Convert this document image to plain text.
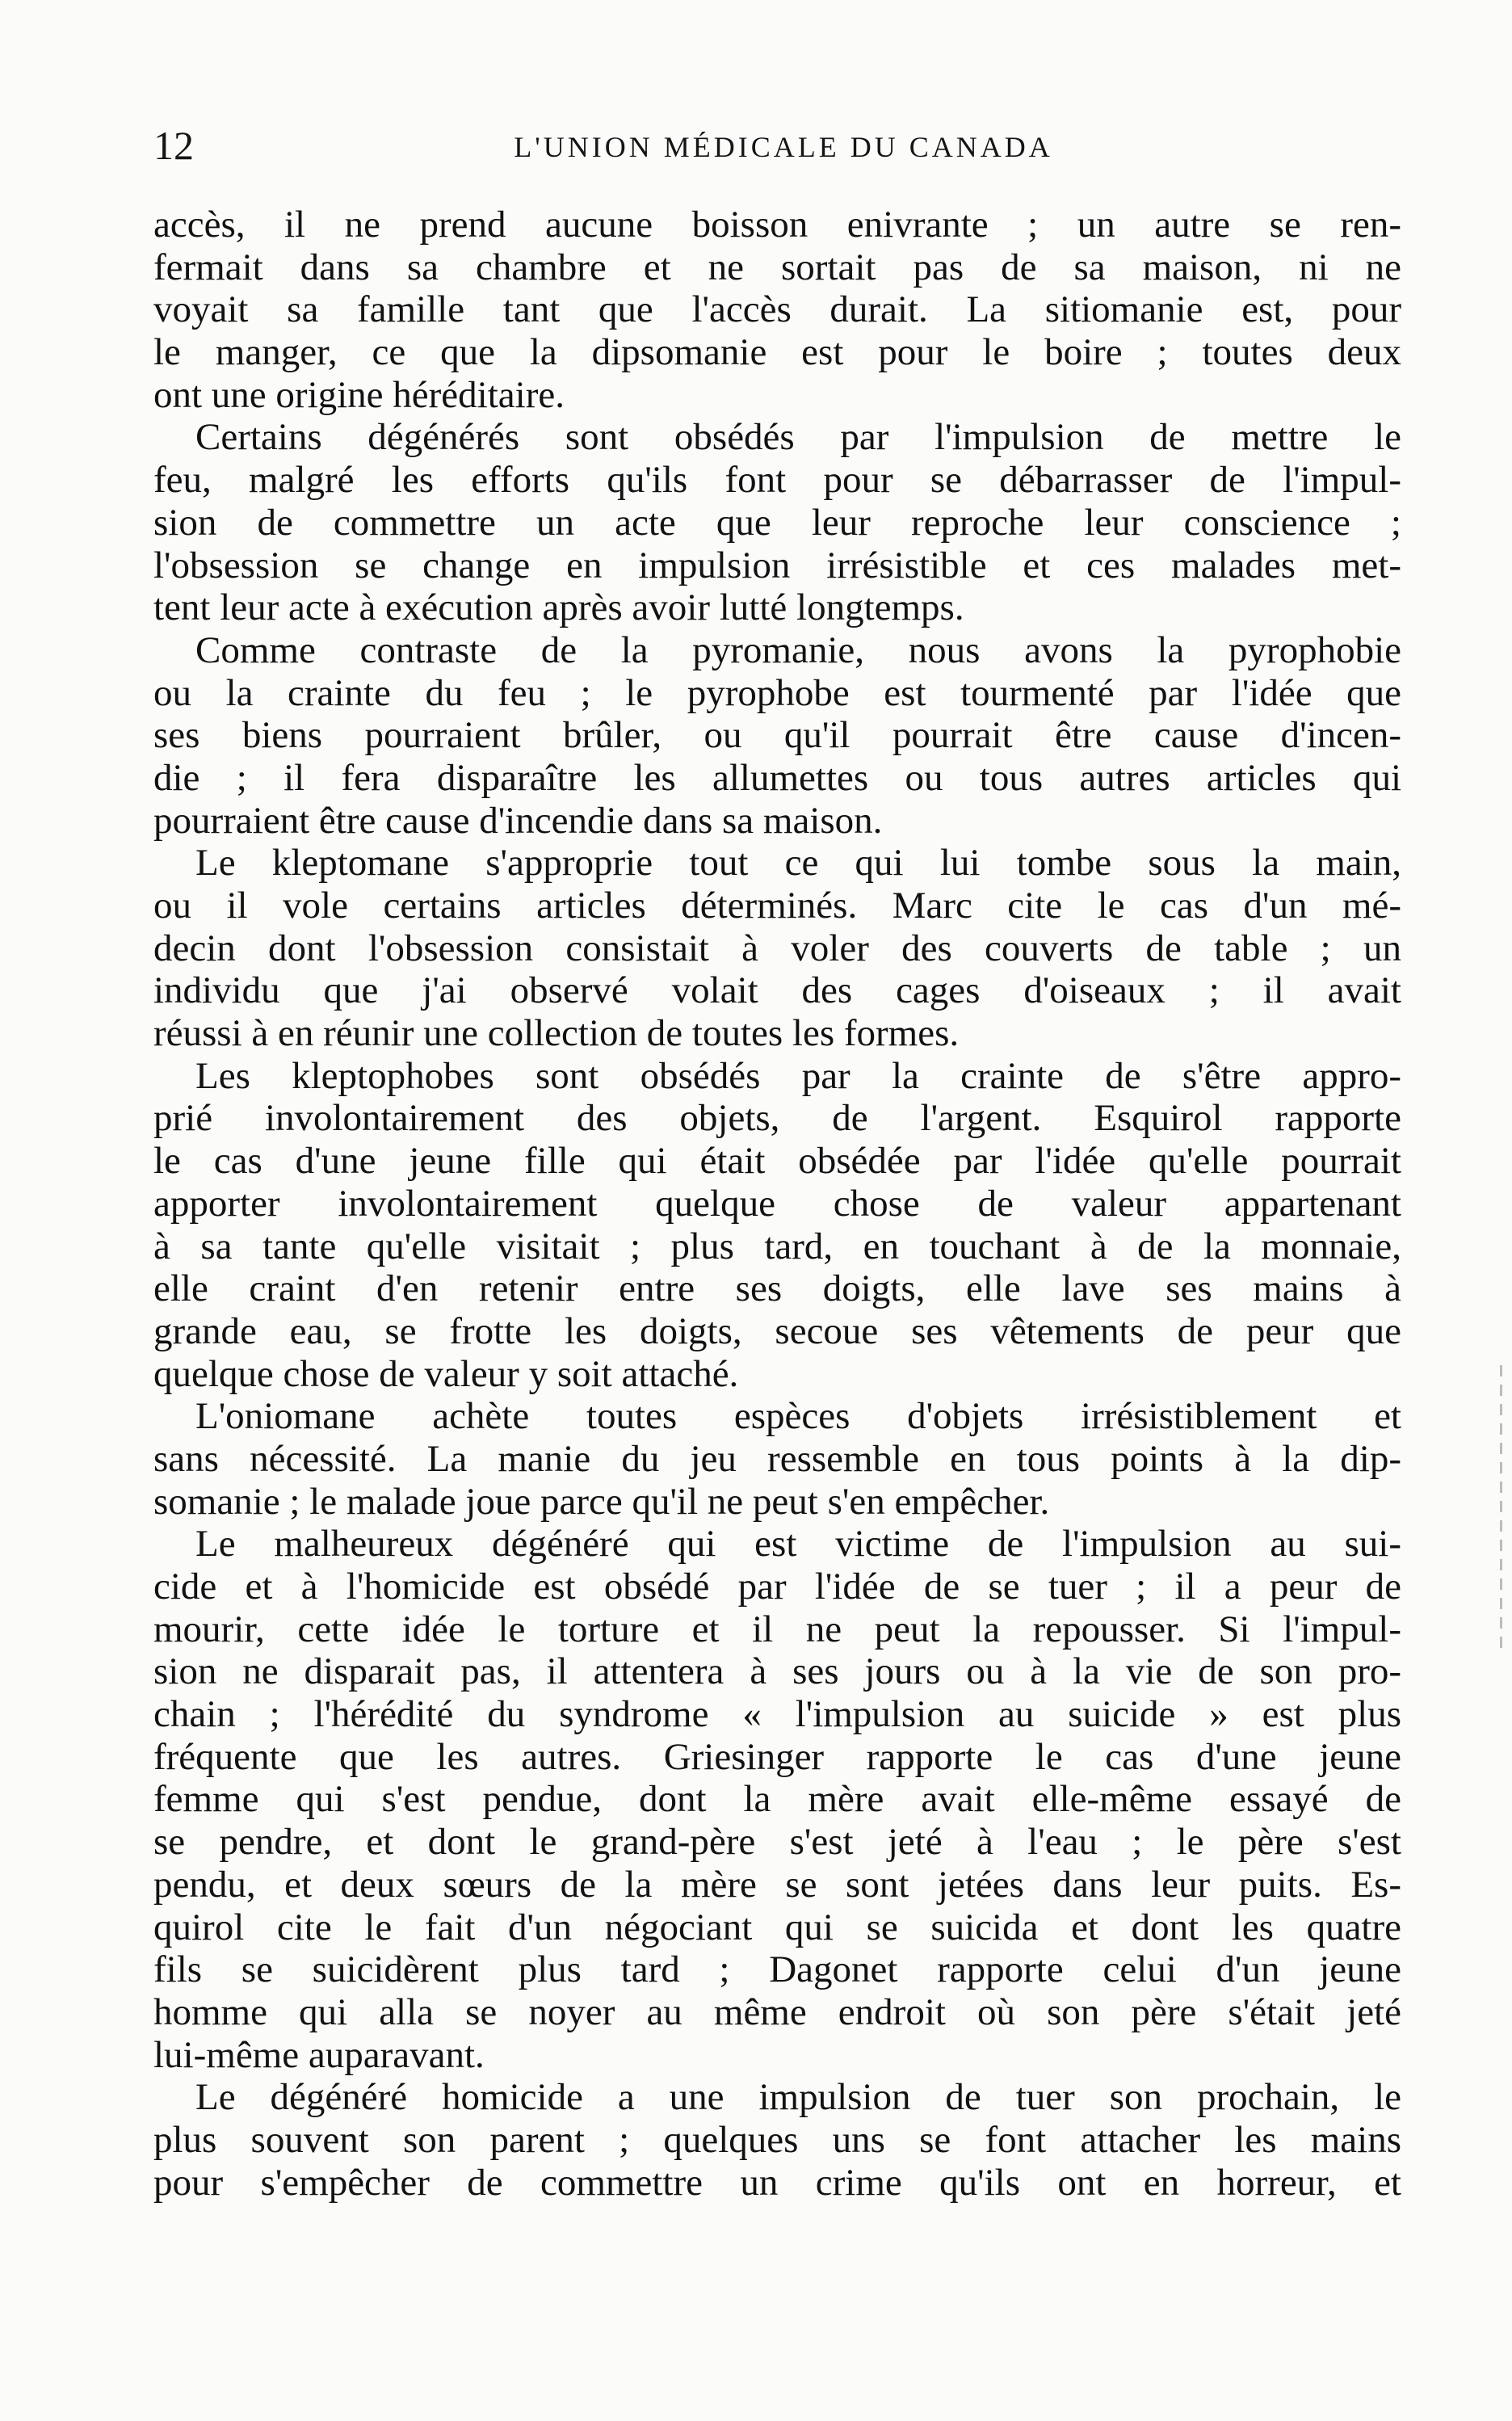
12	L'UNION MÉDICALE DU CANADA
accès, il ne prend aucune boisson enivrante ; un autre se ren-
fermait dans sa chambre et ne sortait pas de sa maison, ni ne
voyait sa famille tant que l'accès durait. La sitiomanie est, pour
le manger, ce que la dipsomanie est pour le boire ; toutes deux
ont une origine héréditaire.
Certains dégénérés sont obsédés par l'impulsion de mettre le
feu, malgré les efforts qu'ils font pour se débarrasser de l'impul-
sion de commettre un acte que leur reproche leur conscience ;
l'obsession se change en impulsion irrésistible et ces malades met-
tent leur acte à exécution après avoir lutté longtemps.
Comme contraste de la pyromanie, nous avons la pyrophobie
ou la crainte du feu ; le pyrophobe est tourmenté par l'idée que
ses biens pourraient brûler, ou qu'il pourrait être cause d'incen-
die ; il fera disparaître les allumettes ou tous autres articles qui
pourraient être cause d'incendie dans sa maison.
Le kleptomane s'approprie tout ce qui lui tombe sous la main,
ou il vole certains articles déterminés. Marc cite le cas d'un mé-
decin dont l'obsession consistait à voler des couverts de table ; un
individu que j'ai observé volait des cages d'oiseaux ; il avait
réussi à en réunir une collection de toutes les formes.
Les kleptophobes sont obsédés par la crainte de s'être appro-
prié involontairement des objets, de l'argent. Esquirol rapporte
le cas d'une jeune fille qui était obsédée par l'idée qu'elle pourrait
apporter involontairement quelque chose de valeur appartenant
à sa tante qu'elle visitait ; plus tard, en touchant à de la monnaie,
elle craint d'en retenir entre ses doigts, elle lave ses mains à
grande eau, se frotte les doigts, secoue ses vêtements de peur que
quelque chose de valeur y soit attaché.
L'oniomane achète toutes espèces d'objets irrésistiblement et
sans nécessité. La manie du jeu ressemble en tous points à la dip-
somanie ; le malade joue parce qu'il ne peut s'en empêcher.
Le malheureux dégénéré qui est victime de l'impulsion au sui-
cide et à l'homicide est obsédé par l'idée de se tuer ; il a peur de
mourir, cette idée le torture et il ne peut la repousser. Si l'impul-
sion ne disparait pas, il attentera à ses jours ou à la vie de son pro-
chain ; l'hérédité du syndrome « l'impulsion au suicide » est plus
fréquente que les autres. Griesinger rapporte le cas d'une jeune
femme qui s'est pendue, dont la mère avait elle-même essayé de
se pendre, et dont le grand-père s'est jeté à l'eau ; le père s'est
pendu, et deux sœurs de la mère se sont jetées dans leur puits. Es-
quirol cite le fait d'un négociant qui se suicida et dont les quatre
fils se suicidèrent plus tard ; Dagonet rapporte celui d'un jeune
homme qui alla se noyer au même endroit où son père s'était jeté
lui-même auparavant.
Le dégénéré homicide a une impulsion de tuer son prochain, le
plus souvent son parent ; quelques uns se font attacher les mains
pour s'empêcher de commettre un crime qu'ils ont en horreur, et
